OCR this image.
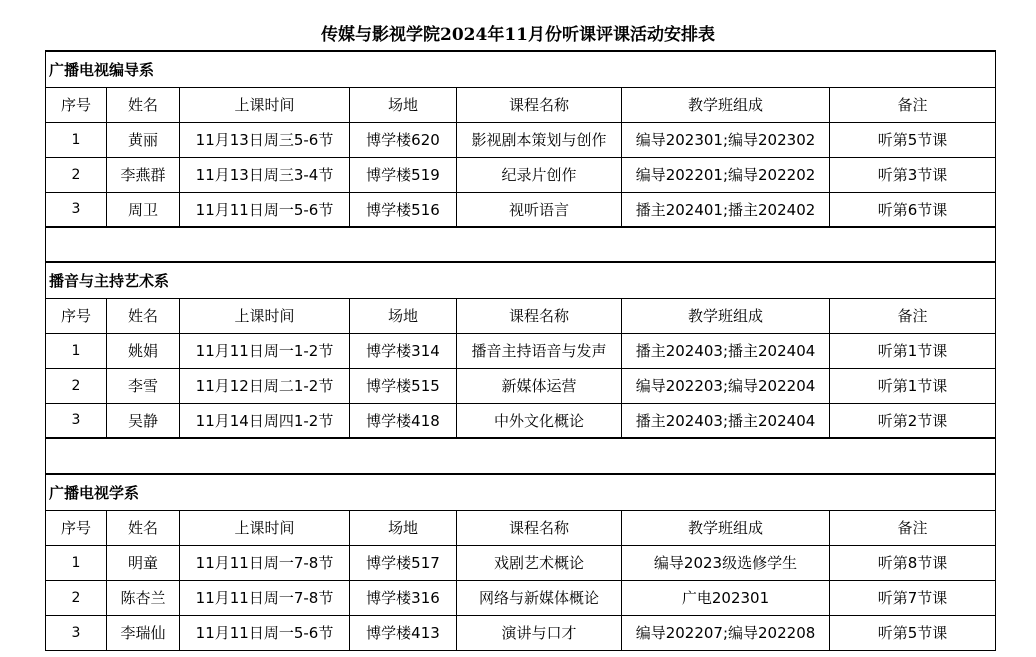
传媒与影视学院2024年11月份听课评课活动安排表
广播电视编导系						
序号	姓名	上课时间	场地	课程名称	教学班组成	备注
1	黄丽	11月13日周三5-6节	博学楼620	影视剧本策划与创作	编导202301;编导202302	听第5节课
2	李燕群	11月13日周三3-4节	博学楼519	纪录片创作	编导202201;编导202202	听第3节课
3	周卫	11月11日周一5-6节	博学楼516	视听语言	播主202401;播主202402	听第6节课

播音与主持艺术系						
序号	姓名	上课时间	场地	课程名称	教学班组成	备注
1	姚娟	11月11日周一1-2节	博学楼314	播音主持语音与发声	播主202403;播主202404	听第1节课
2	李雪	11月12日周二1-2节	博学楼515	新媒体运营	编导202203;编导202204	听第1节课
3	吴静	11月14日周四1-2节	博学楼418	中外文化概论	播主202403;播主202404	听第2节课

广播电视学系						
序号	姓名	上课时间	场地	课程名称	教学班组成	备注
1	明童	11月11日周一7-8节	博学楼517	戏剧艺术概论	编导2023级选修学生	听第8节课
2	陈杏兰	11月11日周一7-8节	博学楼316	网络与新媒体概论	广电202301	听第7节课
3	李瑞仙	11月11日周一5-6节	博学楼413	演讲与口才	编导202207;编导202208	听第5节课
